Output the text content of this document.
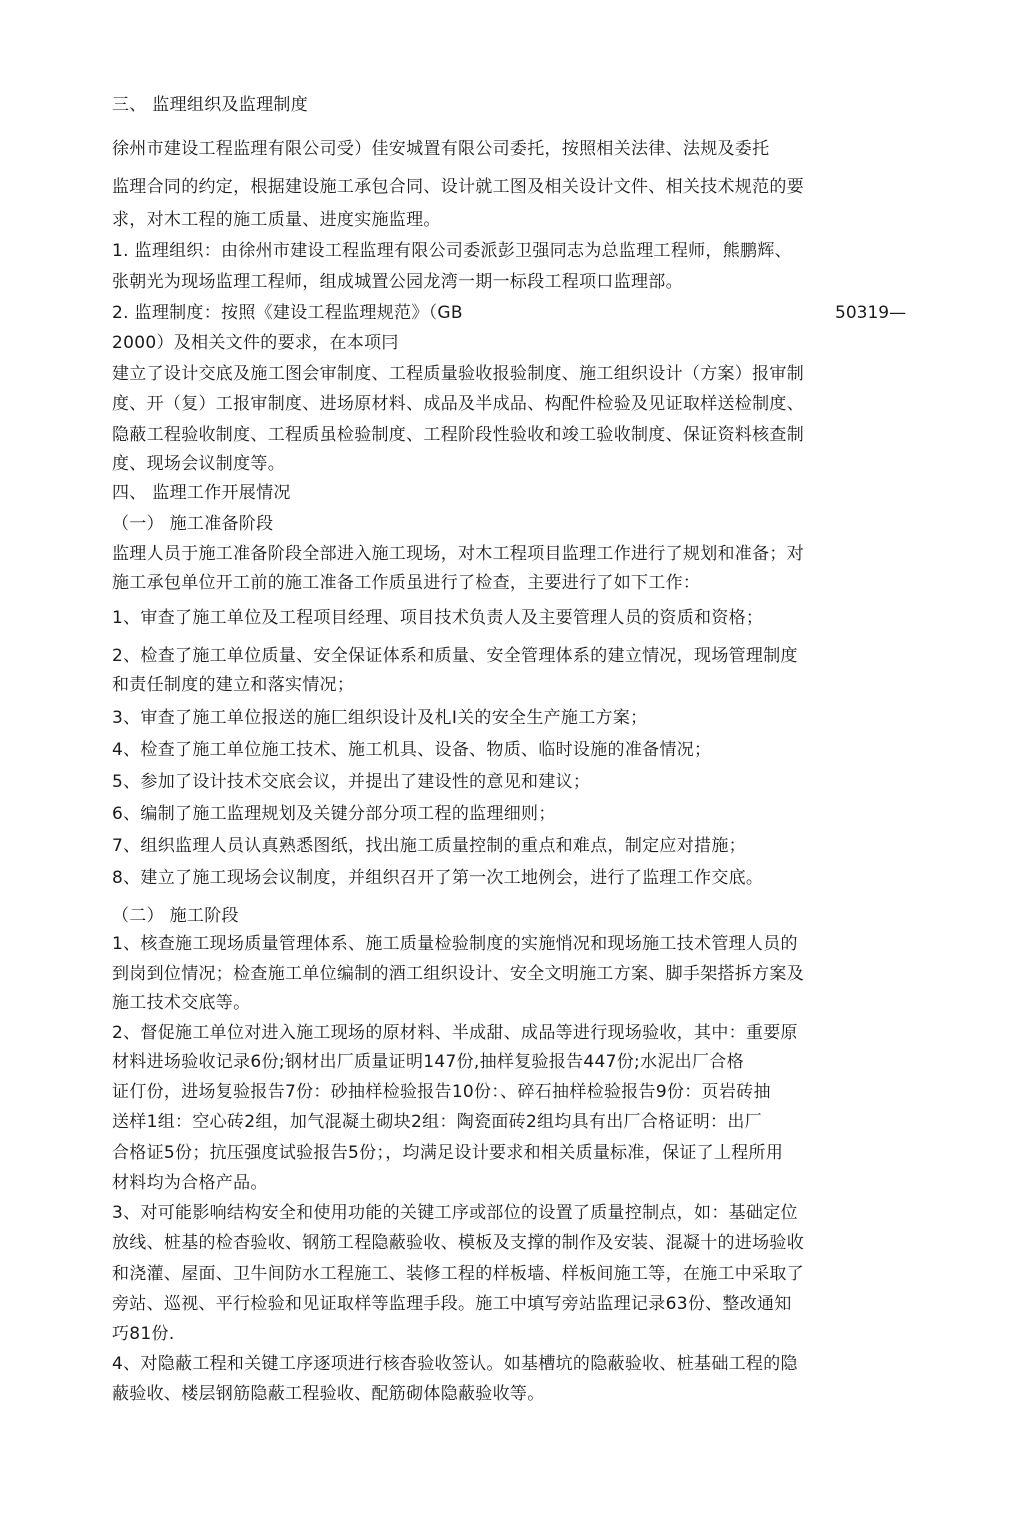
三、 监理组织及监理制度
徐州市建设工程监理有限公司受）佳安城置有限公司委托，按照相关法律、法规及委托
监理合同的约定，根据建设施工承包合同、设计就工图及相关设计文件、相关技术规范的要
求，对木工程的施工质量、进度实施监理。
1. 监理组织：由徐州市建设工程监理有限公司委派彭卫强同志为总监理工程师，熊鹏辉、
张朝光为现场监理工程师，组成城置公园龙湾一期一标段工程项口监理部。
2. 监理制度：按照《建设工程监理规范》（GB	50319—
2000）及相关文件的要求，在本项冃
建立了设计交底及施工图会审制度、工程质量验收报验制度、施工组织设计（方案）报审制
度、开（复）工报审制度、进场原材料、成品及半成品、构配件检验及见证取样送检制度、
隐蔽工程验收制度、工程质虽检验制度、工程阶段性验收和竣工验收制度、保证资料核查制
度、现场会议制度等。
四、 监理工作开展情况
（一） 施工准备阶段
监理人员于施工准备阶段全部进入施工现场，对木工程项目监理工作进行了规划和准备；对
施工承包单位开工前的施工准备工作质虽进行了检查，主要进行了如下工作：
1、审查了施工单位及工程项目经理、项目技术负责人及主要管理人员的资质和资格；
2、检查了施工单位质量、安全保证体系和质量、安全管理体系的建立情况，现场管理制度
和责任制度的建立和落实情况；
3、审查了施工单位报送的施匚组织设计及札I关的安全生产施工方案；
4、检查了施工单位施工技术、施工机具、设备、物质、临时设施的准备情况；
5、参加了设计技术交底会议，并提出了建设性的意见和建议；
6、编制了施工监理规划及关键分部分项工程的监理细则；
7、组织监理人员认真熟悉图纸，找出施工质量控制的重点和难点，制定应对措施；
8、建立了施工现场会议制度，并组织召开了第一次工地例会，进行了监理工作交底。
（二） 施工阶段
1、核查施工现场质量管理体系、施工质量检验制度的实施悄况和现场施工技术管理人员的
到岗到位情况；检查施工单位编制的酒工组织设计、安全文明施工方案、脚手架搭拆方案及
施工技术交底等。
2、督促施工单位对进入施工现场的原材料、半成甜、成品等进行现场验收，其中：重要原
材料进场验收记录6份;钢材出厂质量证明147份,抽样复验报告447份;水泥出厂合格
证仃份，进场复验报告7份：砂抽样检验报告10份：、碎石抽样检验报告9份：页岩砖抽
送样1组：空心砖2组，加气混凝土砌块2组：陶瓷面砖2组均具有出厂合格证明：出厂
合格证5份；抗压强度试验报告5份；，均满足设计要求和相关质量标准，保证了丄程所用
材料均为合格产品。
3、对可能影响结构安全和使用功能的关键工序或部位的设置了质量控制点，如：基础定位
放线、桩基的检杳验收、钢筋工程隐蔽验收、模板及支撑的制作及安装、混凝十的进场验收
和浇灌、屋面、卫牛间防水工程施工、装修工程的样板墙、样板间施工等，在施工中采取了
旁站、巡视、平行检验和见证取样等监理手段。施工中填写旁站监理记录63份、整改通知
巧81份.
4、对隐蔽工程和关键工序逐项进行核杳验收签认。如基槽坑的隐蔽验收、桩基础工程的隐
蔽验收、楼层钢筋隐蔽工程验收、配筋砌体隐蔽验收等。
